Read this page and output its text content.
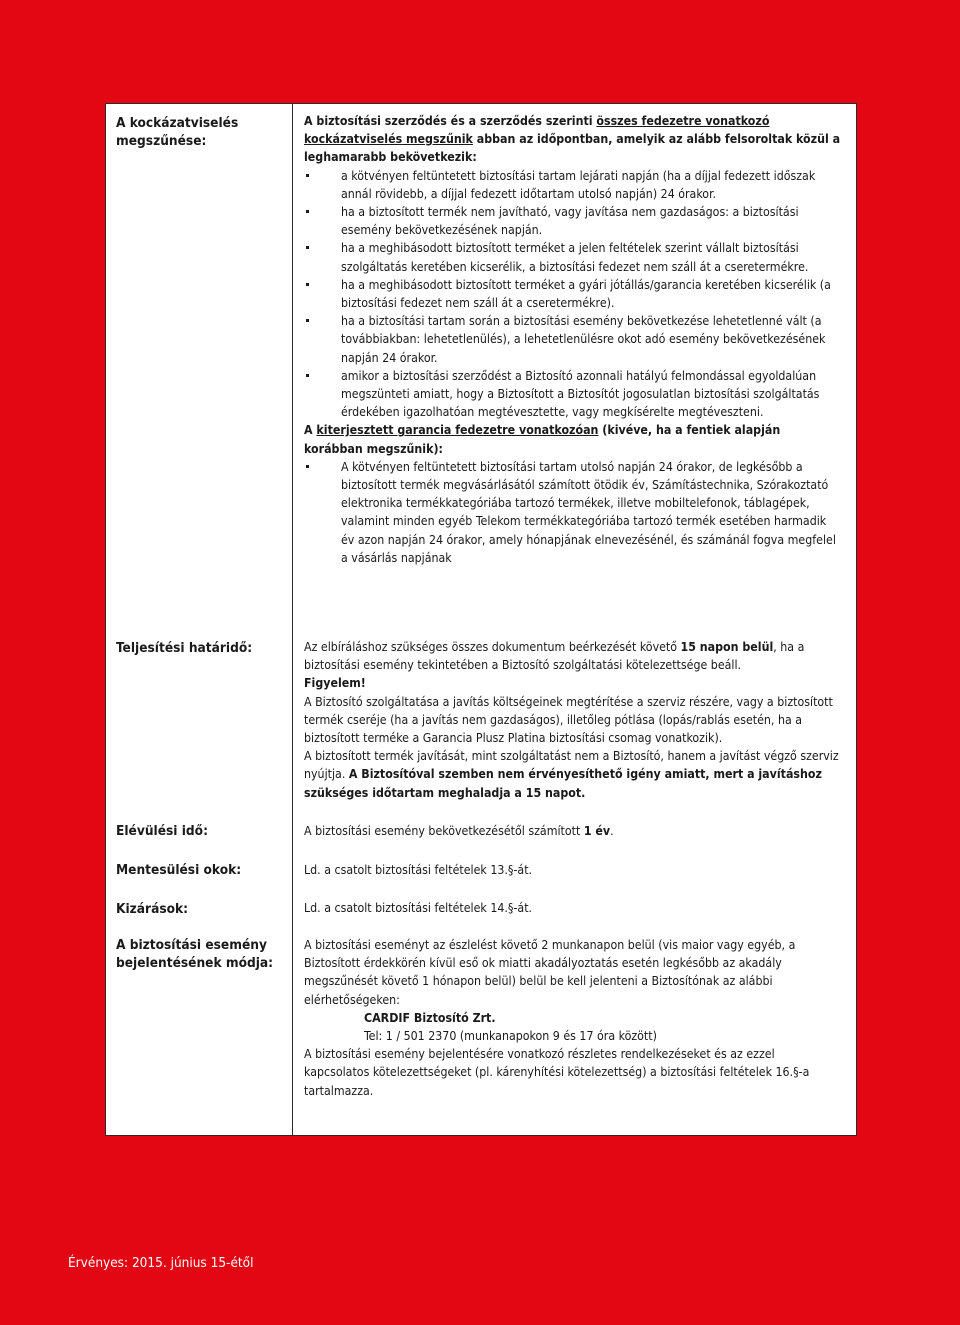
A kockázatviselés megszűnése:
Teljesítési határidő:
Elévülési idő:
Mentesülési okok:
Kizárások:
A biztosítási esemény bejelentésének módja:

A biztosítási szerződés és a szerződés szerinti összes fedezetre vonatkozó kockázatviselés megszűnik abban az időpontban, amelyik az alább felsoroltak közül a leghamarabb bekövetkezik:

a kötvényen feltüntetett biztosítási tartam lejárati napján (ha a díjjal fedezett időszak annál rövidebb, a díjjal fedezett időtartam utolsó napján) 24 órakor.
ha a biztosított termék nem javítható, vagy javítása nem gazdaságos: a biztosítási esemény bekövetkezésének napján.
ha a meghibásodott biztosított terméket a jelen feltételek szerint vállalt biztosítási szolgáltatás keretében kicserélik, a biztosítási fedezet nem száll át a cseretermékre.
ha a meghibásodott biztosított terméket a gyári jótállás/garancia keretében kicserélik (a biztosítási fedezet nem száll át a cseretermékre).
ha a biztosítási tartam során a biztosítási esemény bekövetkezése lehetetlenné vált (a továbbiakban: lehetetlenülés), a lehetetlenülésre okot adó esemény bekövetkezésének napján 24 órakor.
amikor a biztosítási szerződést a Biztosító azonnali hatályú felmondással egyoldalúan megszünteti amiatt, hogy a Biztosított a Biztosítót jogosulatlan biztosítási szolgáltatás érdekében igazolhatóan megtévesztette, vagy megkísérelte megtéveszteni.

A kiterjesztett garancia fedezetre vonatkozóan (kivéve, ha a fentiek alapján korábban megszűnik):

A kötvényen feltüntetett biztosítási tartam utolsó napján 24 órakor, de legkésőbb a biztosított termék megvásárlásától számított ötödik év, Számítástechnika, Szórakoztató elektronika termékkategóriába tartozó termékek, illetve mobiltelefonok, táblagépek, valamint minden egyéb Telekom termékkategóriába tartozó termék esetében harmadik év azon napján 24 órakor, amely hónapjának elnevezésénél, és számánál fogva megfelel a vásárlás napjának

Az elbíráláshoz szükséges összes dokumentum beérkezését követő 15 napon belül, ha a biztosítási esemény tekintetében a Biztosító szolgáltatási kötelezettsége beáll.

Figyelem!

A Biztosító szolgáltatása a javítás költségeinek megtérítése a szerviz részére, vagy a biztosított termék cseréje (ha a javítás nem gazdaságos), illetőleg pótlása (lopás/rablás esetén, ha a biztosított terméke a Garancia Plusz Platina biztosítási csomag vonatkozik).

A biztosított termék javítását, mint szolgáltatást nem a Biztosító, hanem a javítást végző szerviz nyújtja. A Biztosítóval szemben nem érvényesíthető igény amiatt, mert a javításhoz szükséges időtartam meghaladja a 15 napot.

A biztosítási esemény bekövetkezésétől számított 1 év.

Ld. a csatolt biztosítási feltételek 13.§-át.

Ld. a csatolt biztosítási feltételek 14.§-át.

A biztosítási eseményt az észlelést követő 2 munkanapon belül (vis maior vagy egyéb, a Biztosított érdekkörén kívül eső ok miatti akadályoztatás esetén legkésőbb az akadály megszűnését követő 1 hónapon belül) belül be kell jelenteni a Biztosítónak az alábbi elérhetőségeken:

CARDIF Biztosító Zrt.

Tel: 1 / 501 2370 (munkanapokon 9 és 17 óra között)

A biztosítási esemény bejelentésére vonatkozó részletes rendelkezéseket és az ezzel kapcsolatos kötelezettségeket (pl. kárenyhítési kötelezettség) a biztosítási feltételek 16.§-a tartalmazza.

Érvényes: 2015. június 15-étől
